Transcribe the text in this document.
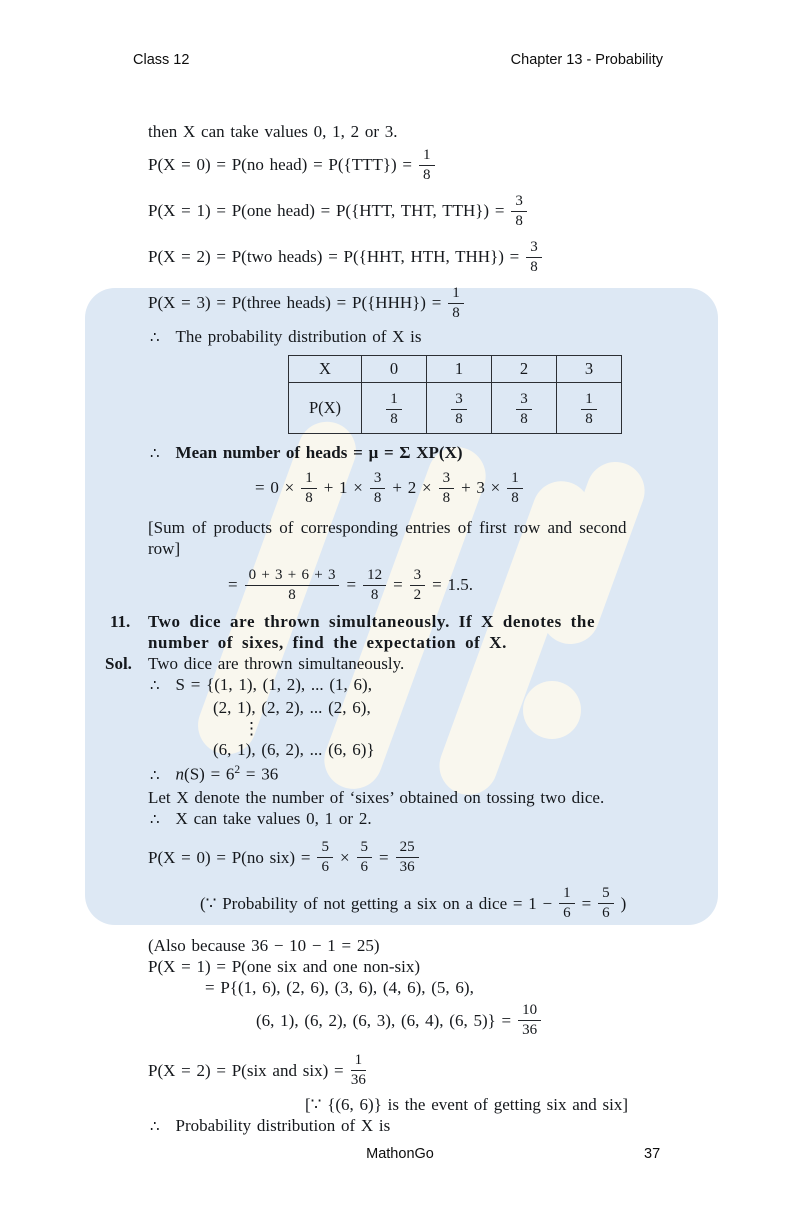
Class 12	Chapter 13 - Probability

then X can take values 0, 1, 2 or 3.

P(X = 0) = P(no head) = $P(\{TTT\}) = \frac{1}{8}$
P(X = 1) = P(one head) = P({HTT, THT, $TTH\}) = \frac{3}{8}$
P(X = 2) = P(two heads) = P({HHT, HTH, $THH\}) = \frac{3}{8}$
P(X = 3) = P(three heads) = $P(\{HHH\}) = \frac{1}{8}$

∴ The probability distribution of X is

X	0	1	2	3
P(X)	$\frac{1}{8}$	$\frac{3}{8}$	$\frac{3}{8}$	$\frac{1}{8}$

∴ Mean number of heads = μ = Σ XP(X)

= $0 \times \frac{1}{8} + 1 \times \frac{3}{8} + 2 \times \frac{3}{8} + 3 \times \frac{1}{8}$

[Sum of products of corresponding entries of first row and second

row]

= $\frac{0 + 3 + 6 + 3}{8} = \frac{12}{8} = \frac{3}{2} = 1.5$.

11. Two dice are thrown simultaneously. If X denotes the

number of sixes, find the expectation of X.

Sol. Two dice are thrown simultaneously.

∴ S = {(1, 1), (1, 2), ... (1, 6),

(2, 1), (2, 2), ... (2, 6),

⋮

(6, 1), (6, 2), ... (6, 6)}

∴ $n(S) = 6^2 = 36$

Let X denote the number of ‘sixes’ obtained on tossing two dice.

∴ X can take values 0, 1 or 2.

P(X = 0) = P(no $six) = \frac{5}{6} \times \frac{5}{6} = \frac{25}{36}$
(∵ Probability of not getting a six on a dice = $1 - \frac{1}{6} = \frac{5}{6}$ )

(Also because 36 − 10 − 1 = 25)

P(X = 1) = P(one six and one non-six)

= P{(1, 6), (2, 6), (3, 6), (4, 6), (5, 6),

(6, 1), (6, 2), (6, 3), (6, 4), (6, $5)\} = \frac{10}{36}$
P(X = 2) = P(six and $six) = \frac{1}{36}$

[∵ {(6, 6)} is the event of getting six and six]

∴ Probability distribution of X is

MathonGo	37
